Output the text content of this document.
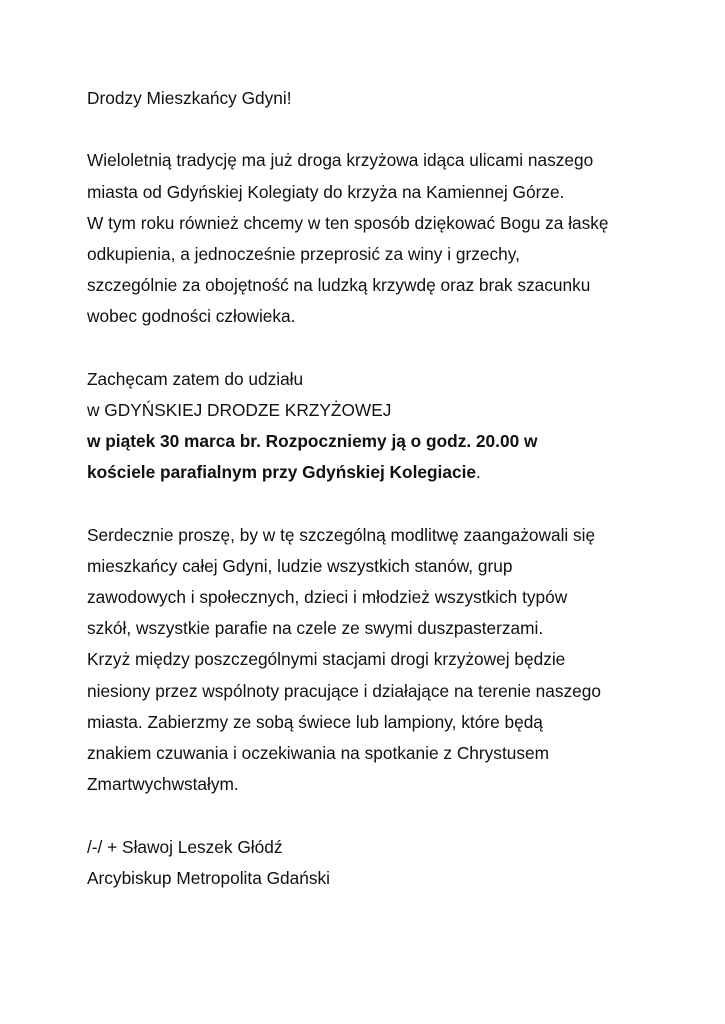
Drodzy Mieszkańcy Gdyni!
Wieloletnią tradycję ma już droga krzyżowa idąca ulicami naszego
miasta od Gdyńskiej Kolegiaty do krzyża na Kamiennej Górze.
W tym roku również chcemy w ten sposób dziękować Bogu za łaskę
odkupienia, a jednocześnie przeprosić za winy i grzechy,
szczególnie za obojętność na ludzką krzywdę oraz brak szacunku
wobec godności człowieka.
Zachęcam zatem do udziału
w GDYŃSKIEJ DRODZE KRZYŻOWEJ
w piątek 30 marca br. Rozpoczniemy ją o godz. 20.00 w
kościele parafialnym przy Gdyńskiej Kolegiacie.
Serdecznie proszę, by w tę szczególną modlitwę zaangażowali się
mieszkańcy całej Gdyni, ludzie wszystkich stanów, grup
zawodowych i społecznych, dzieci i młodzież wszystkich typów
szkół, wszystkie parafie na czele ze swymi duszpasterzami.
Krzyż między poszczególnymi stacjami drogi krzyżowej będzie
niesiony przez wspólnoty pracujące i działające na terenie naszego
miasta. Zabierzmy ze sobą świece lub lampiony, które będą
znakiem czuwania i oczekiwania na spotkanie z Chrystusem
Zmartwychwstałym.
/-/ + Sławoj Leszek Głódź
Arcybiskup Metropolita Gdański
